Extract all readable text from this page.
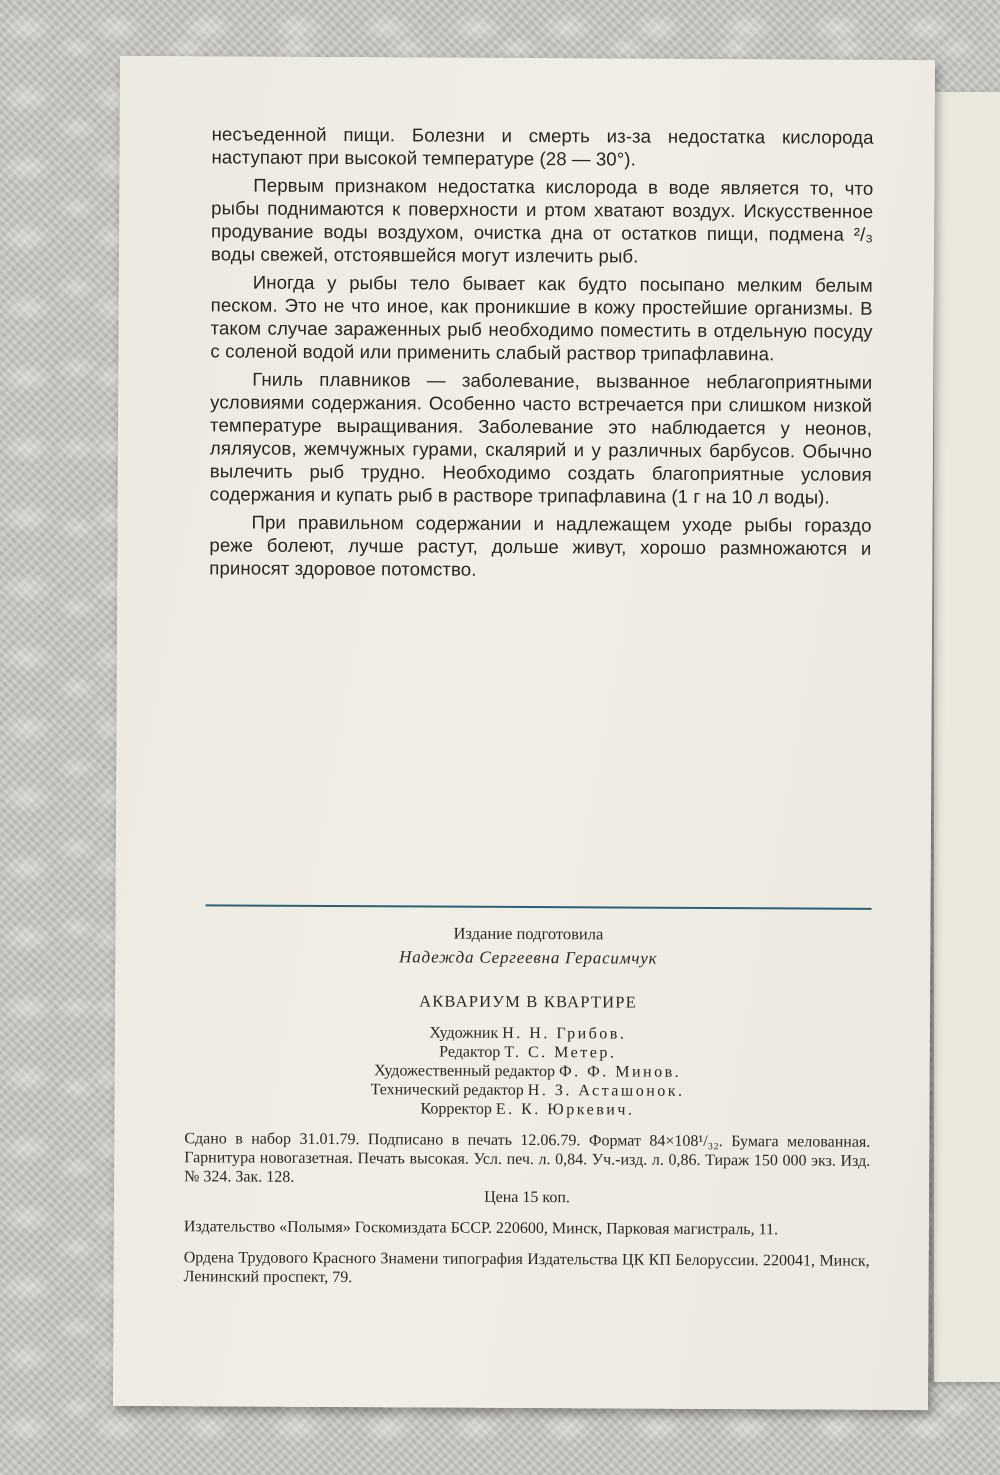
несъеденной пищи. Болезни и смерть из-за недостатка кислорода наступают при высокой температуре (28 — 30°).

Первым признаком недостатка кислорода в воде является то, что рыбы поднимаются к поверхности и ртом хватают воздух. Искусственное продувание воды воздухом, очистка дна от остатков пищи, подмена ²/₃ воды свежей, отстоявшейся могут излечить рыб.

Иногда у рыбы тело бывает как будто посыпано мелким белым песком. Это не что иное, как проникшие в кожу простейшие организмы. В таком случае зараженных рыб необходимо поместить в отдельную посуду с соленой водой или применить слабый раствор трипафлавина.

Гниль плавников — заболевание, вызванное неблагоприятными условиями содержания. Особенно часто встречается при слишком низкой температуре выращивания. Заболевание это наблюдается у неонов, ляляусов, жемчужных гурами, скалярий и у различных барбусов. Обычно вылечить рыб трудно. Необходимо создать благоприятные условия содержания и купать рыб в растворе трипафлавина (1 г на 10 л воды).

При правильном содержании и надлежащем уходе рыбы гораздо реже болеют, лучше растут, дольше живут, хорошо размножаются и приносят здоровое потомство.

Издание подготовила

Надежда Сергеевна Герасимчук

АКВАРИУМ В КВАРТИРЕ

Художник Н. Н. Грибов.
Редактор Т. С. Метер.
Художественный редактор Ф. Ф. Минов.
Технический редактор Н. З. Асташонок.
Корректор Е. К. Юркевич.

Сдано в набор 31.01.79. Подписано в печать 12.06.79. Формат 84×108¹/₃₂. Бумага мелованная. Гарнитура новогазетная. Печать высокая. Усл. печ. л. 0,84. Уч.-изд. л. 0,86. Тираж 150 000 экз. Изд. № 324. Зак. 128.
Цена 15 коп.

Издательство «Полымя» Госкомиздата БССР. 220600, Минск, Парковая магистраль, 11.

Ордена Трудового Красного Знамени типография Издательства ЦК КП Белоруссии. 220041, Минск, Ленинский проспект, 79.
